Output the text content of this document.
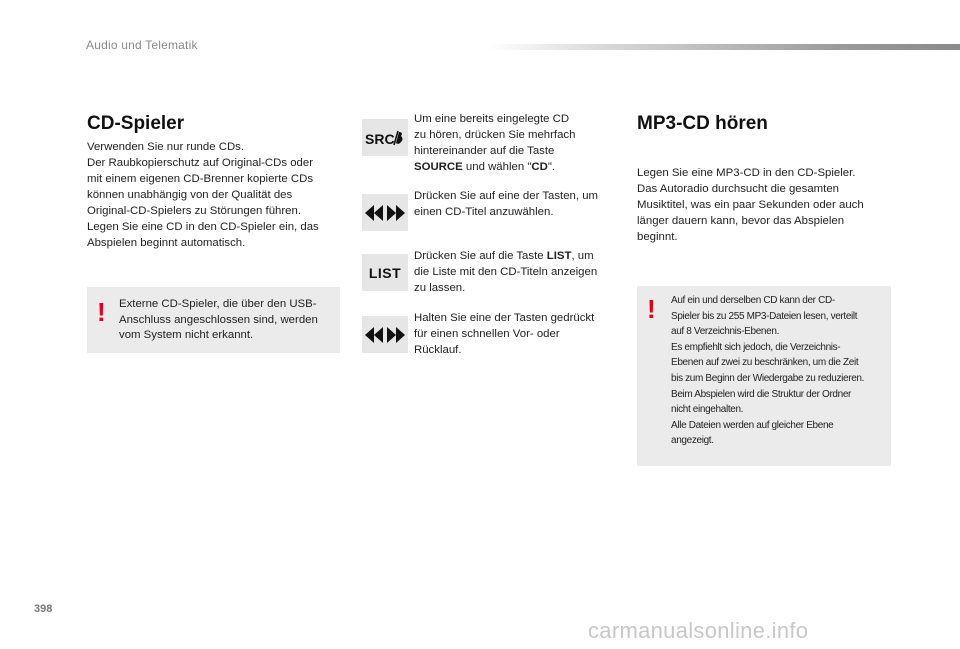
Audio und Telematik
CD-Spieler
Verwenden Sie nur runde CDs.
Der Raubkopierschutz auf Original-CDs oder
mit einem eigenen CD-Brenner kopierte CDs
können unabhängig von der Qualität des
Original-CD-Spielers zu Störungen führen.
Legen Sie eine CD in den CD-Spieler ein, das
Abspielen beginnt automatisch.
! Externe CD-Spieler, die über den USB-
Anschluss angeschlossen sind, werden
vom System nicht erkannt.
SRC
Um eine bereits eingelegte CD
zu hören, drücken Sie mehrfach
hintereinander auf die Taste
SOURCE und wählen "CD".
Drücken Sie auf eine der Tasten, um
einen CD-Titel anzuwählen.
LIST
Drücken Sie auf die Taste LIST, um
die Liste mit den CD-Titeln anzeigen
zu lassen.
Halten Sie eine der Tasten gedrückt
für einen schnellen Vor- oder
Rücklauf.
MP3-CD hören
Legen Sie eine MP3-CD in den CD-Spieler.
Das Autoradio durchsucht die gesamten
Musiktitel, was ein paar Sekunden oder auch
länger dauern kann, bevor das Abspielen
beginnt.
! Auf ein und derselben CD kann der CD-
Spieler bis zu 255 MP3-Dateien lesen, verteilt
auf 8 Verzeichnis-Ebenen.
Es empfiehlt sich jedoch, die Verzeichnis-
Ebenen auf zwei zu beschränken, um die Zeit
bis zum Beginn der Wiedergabe zu reduzieren.
Beim Abspielen wird die Struktur der Ordner
nicht eingehalten.
Alle Dateien werden auf gleicher Ebene
angezeigt.
398
carmanualsonline.info
